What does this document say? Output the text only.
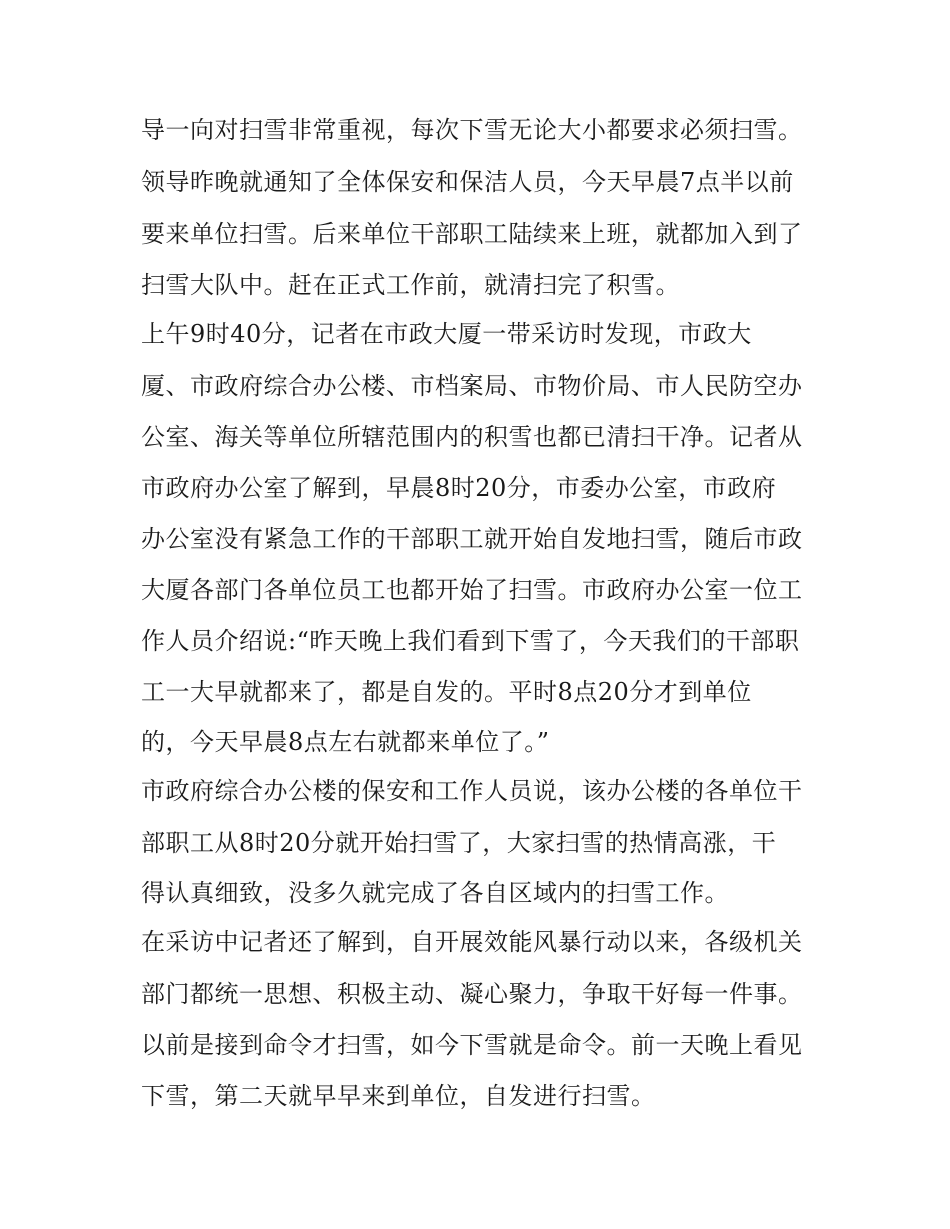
导一向对扫雪非常重视，每次下雪无论大小都要求必须扫雪。

领导昨晚就通知了全体保安和保洁人员，今天早晨7点半以前

要来单位扫雪。后来单位干部职工陆续来上班，就都加入到了

扫雪大队中。赶在正式工作前，就清扫完了积雪。

上午9时40分，记者在市政大厦一带采访时发现，市政大

厦、市政府综合办公楼、市档案局、市物价局、市人民防空办

公室、海关等单位所辖范围内的积雪也都已清扫干净。记者从

市政府办公室了解到，早晨8时20分，市委办公室，市政府

办公室没有紧急工作的干部职工就开始自发地扫雪，随后市政

大厦各部门各单位员工也都开始了扫雪。市政府办公室一位工

作人员介绍说:“昨天晚上我们看到下雪了，今天我们的干部职

工一大早就都来了，都是自发的。平时8点20分才到单位

的，今天早晨8点左右就都来单位了。”

市政府综合办公楼的保安和工作人员说，该办公楼的各单位干

部职工从8时20分就开始扫雪了，大家扫雪的热情高涨，干

得认真细致，没多久就完成了各自区域内的扫雪工作。

在采访中记者还了解到，自开展效能风暴行动以来，各级机关

部门都统一思想、积极主动、凝心聚力，争取干好每一件事。

以前是接到命令才扫雪，如今下雪就是命令。前一天晚上看见

下雪，第二天就早早来到单位，自发进行扫雪。
